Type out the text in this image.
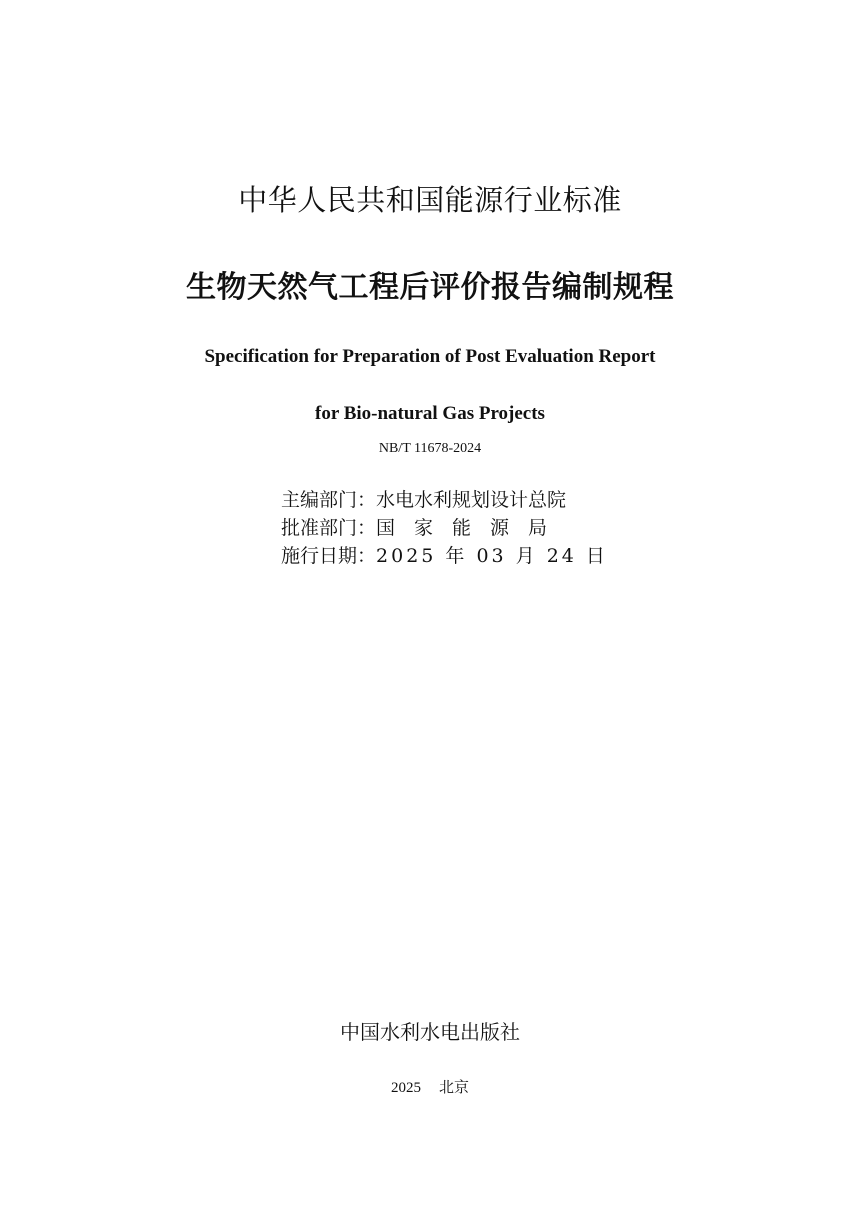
中华人民共和国能源行业标准
生物天然气工程后评价报告编制规程
Specification for Preparation of Post Evaluation Report
for Bio-natural Gas Projects
NB/T 11678-2024
主编部门：水电水利规划设计总院
批准部门：国家能源局
施行日期：2025 年 03 月 24 日
中国水利水电出版社
2025 北京
